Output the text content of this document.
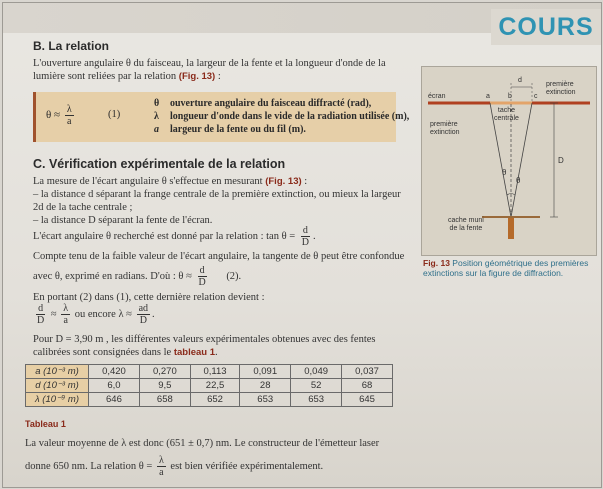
COURS
B. La relation
L'ouverture angulaire θ du faisceau, la largeur de la fente et la longueur d'onde de la
lumière sont reliées par la relation (Fig. 13) :
$\theta \approx \frac{\lambda}{a}$	(1)
θ ouverture angulaire du faisceau diffracté (rad),
λ longueur d'onde dans le vide de la radiation utilisée (m),
a largeur de la fente ou du fil (m).
C. Vérification expérimentale de la relation
La mesure de l'écart angulaire θ s'effectue en mesurant (Fig. 13) :
– la distance d séparant la frange centrale de la première extinction, ou mieux la largeur
2d de la tache centrale ;
– la distance D séparant la fente de l'écran.
L'écart angulaire θ recherché est donné par la relation : $\tan \theta = \frac{d}{D}$ .
Compte tenu de la faible valeur de l'écart angulaire, la tangente de θ peut être confondue
avec θ, exprimé en radians. D'où : $\theta \approx \frac{d}{D} (2)$.
En portant (2) dans (1), cette dernière relation devient :
$\frac{d}{D} \approx \frac{\lambda}{a}$ ou encore $\lambda \approx \frac{ad}{D}$ .
Pour D = 3,90 m , les différentes valeurs expérimentales obtenues avec des fentes
calibrées sont consignées dans le tableau 1.
a (10⁻³ m)	0,420	0,270	0,113	0,091	0,049	0,037
d (10⁻³ m)	6,0	9,5	22,5	28	52	68
λ (10⁻⁹ m)	646	658	652	653	653	645
Tableau 1
La valeur moyenne de λ est donc (651 ± 0,7) nm. Le constructeur de l'émetteur laser
donne 650 nm. La relation $\theta = \frac{\lambda}{a}$ est bien vérifiée expérimentalement.
écran
d
première
extinction
a	b	c
tache
centrale
première
extinction
D
θ
θ
cache muni
de la fente
Fig. 13 Position géométrique des premières extinctions sur la figure de diffraction.
